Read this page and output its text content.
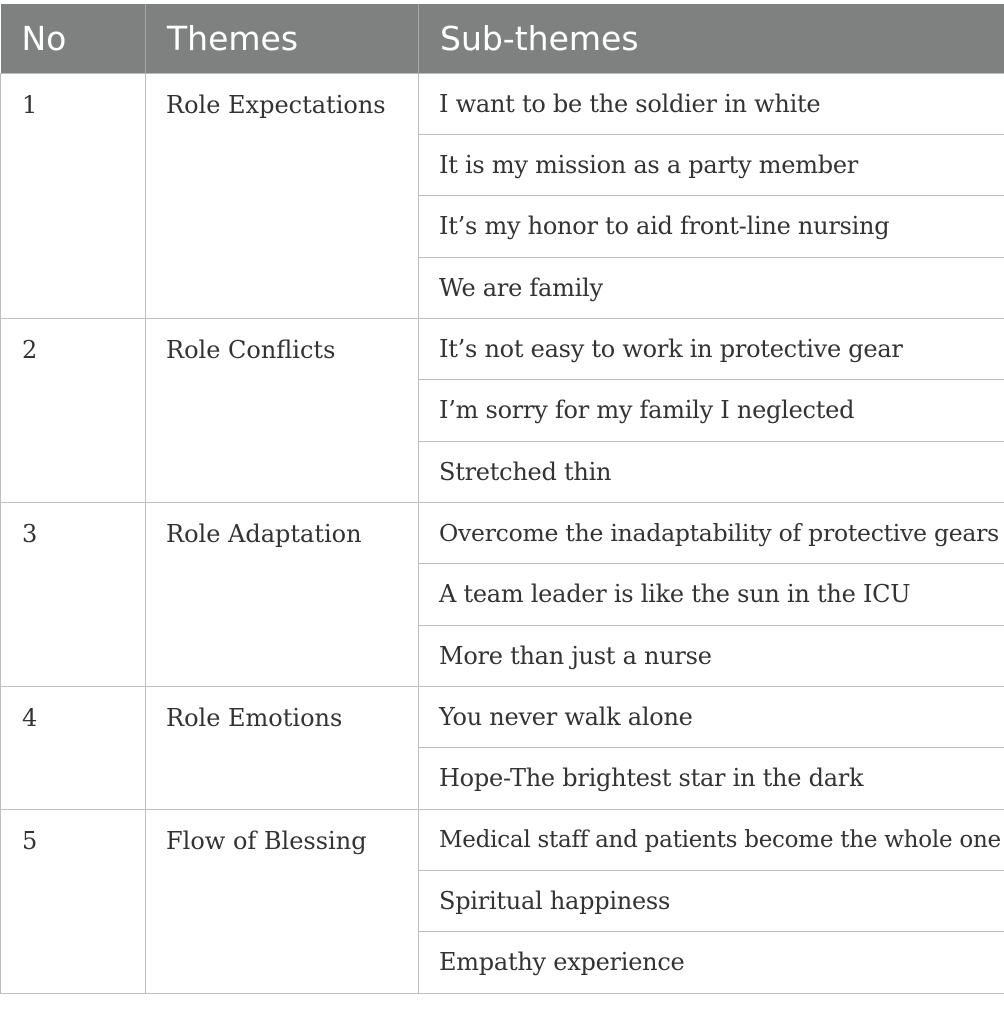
No	Themes	Sub-themes
1	Role Expectations	I want to be the soldier in white
		It is my mission as a party member
		It’s my honor to aid front-line nursing
		We are family
2	Role Conflicts	It’s not easy to work in protective gear
		I’m sorry for my family I neglected
		Stretched thin
3	Role Adaptation	Overcome the inadaptability of protective gears
		A team leader is like the sun in the ICU
		More than just a nurse
4	Role Emotions	You never walk alone
		Hope-The brightest star in the dark
5	Flow of Blessing	Medical staff and patients become the whole one
		Spiritual happiness
		Empathy experience
